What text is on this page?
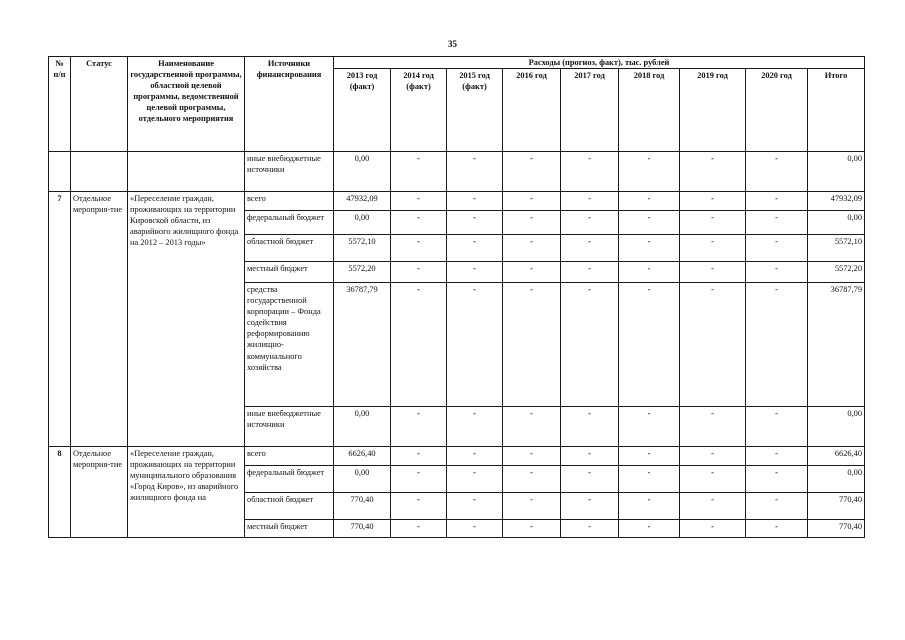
35
№ п/п	Статус	Наименование государственной программы, областной целевой программы, ведомственной целевой программы, отдельного мероприятия	Источники финансирования	Расходы (прогноз, факт), тыс. рублей								
				2013 год (факт)	2014 год (факт)	2015 год (факт)	2016 год	2017 год	2018 год	2019 год	2020 год	Итого
			иные внебюджетные источники	0,00	-	-	-	-	-	-	-	0,00
7	Отдельное мероприя-тие	«Переселение граждан, проживающих на территории Кировской области, из аварийного жилищного фонда на 2012 – 2013 годы»	всего	47932,09	-	-	-	-	-	-	-	47932,09
			федеральный бюджет	0,00	-	-	-	-	-	-	-	0,00
			областной бюджет	5572,10	-	-	-	-	-	-	-	5572,10
			местный бюджет	5572,20	-	-	-	-	-	-	-	5572,20
			средства государственной корпорации – Фонда содействия реформированию жилищно-коммунального хозяйства	36787,79	-	-	-	-	-	-	-	36787,79
			иные внебюджетные источники	0,00	-	-	-	-	-	-	-	0,00
8	Отдельное мероприя-тие	«Переселение граждан, проживающих на территории муниципального образования «Город Киров», из аварийного жилищного фонда на	всего	6626,40	-	-	-	-	-	-	-	6626,40
			федеральный бюджет	0,00	-	-	-	-	-	-	-	0,00
			областной бюджет	770,40	-	-	-	-	-	-	-	770,40
			местный бюджет	770,40	-	-	-	-	-	-	-	770,40
